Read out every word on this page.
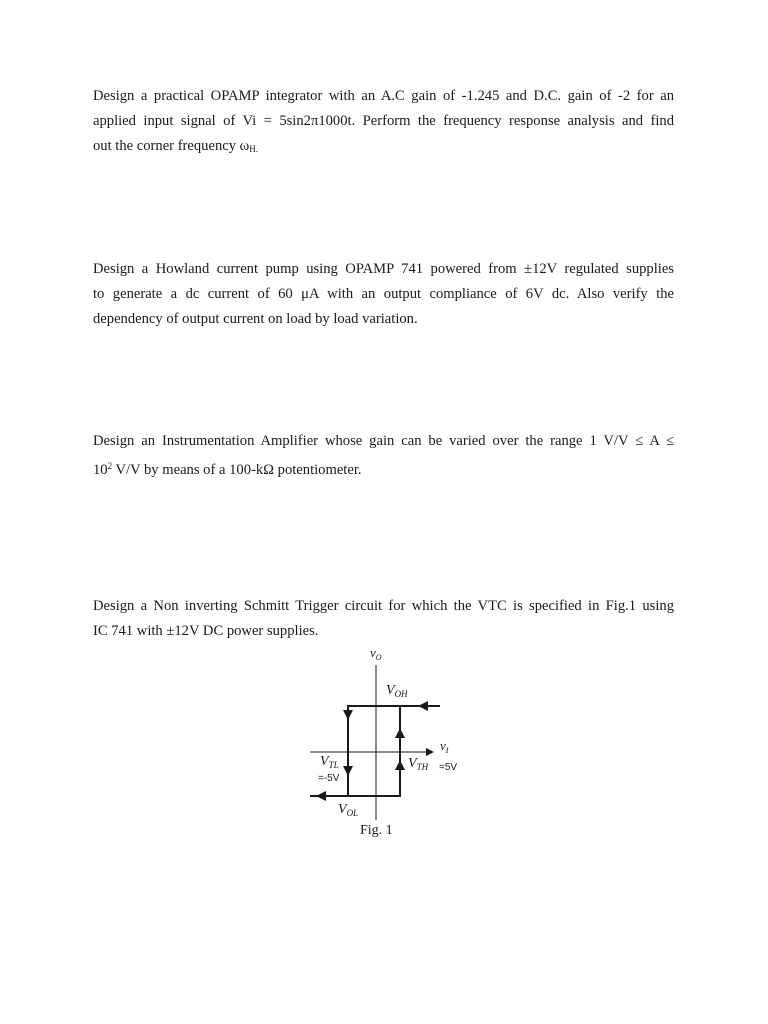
Design a practical OPAMP integrator with an A.C gain of -1.245 and D.C. gain of -2 for an
applied input signal of Vi = 5sin2π1000t. Perform the frequency response analysis and find
out the corner frequency $\omega_{H.}$

Design a Howland current pump using OPAMP 741 powered from ±12V regulated supplies
to generate a dc current of 60 μA with an output compliance of 6V dc. Also verify the
dependency of output current on load by load variation.

Design an Instrumentation Amplifier whose gain can be varied over the range 1 V/V ≤ A ≤
$10^2$ V/V by means of a 100-kΩ potentiometer.

Design a Non inverting Schmitt Trigger circuit for which the VTC is specified in Fig.1 using
IC 741 with ±12V DC power supplies.

$v_O$
$V_{OH}$
$v_I$
$V_{TL}$
=-5V
$V_{TH} =5V$
$V_{OL}$
Fig. 1
